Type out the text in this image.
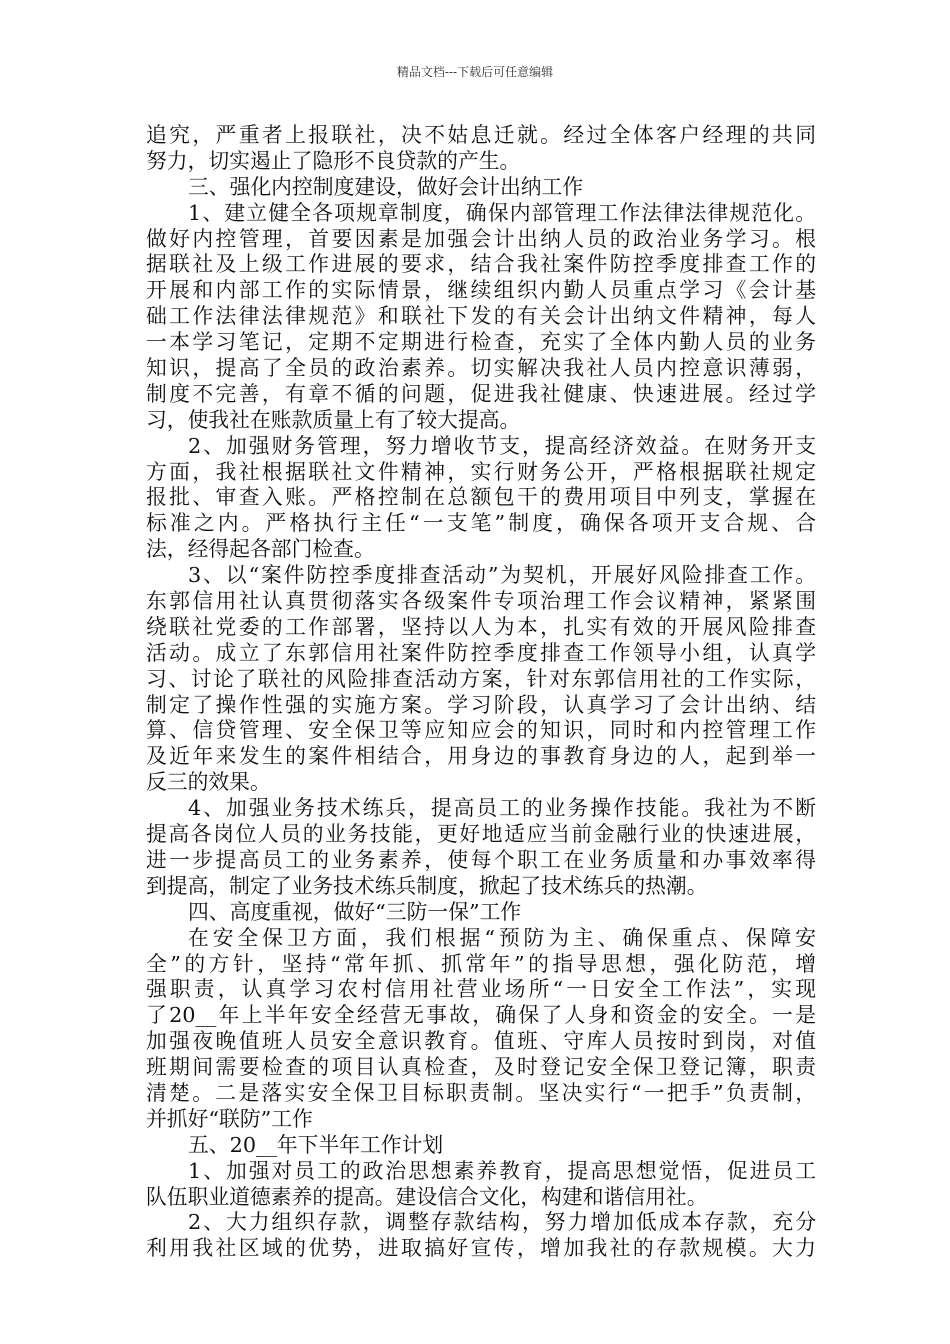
精品文档---下载后可任意编辑
追究，严重者上报联社，决不姑息迁就。经过全体客户经理的共同
努力，切实遏止了隐形不良贷款的产生。
三、强化内控制度建设，做好会计出纳工作
1、建立健全各项规章制度，确保内部管理工作法律法律规范化。
做好内控管理，首要因素是加强会计出纳人员的政治业务学习。根
据联社及上级工作进展的要求，结合我社案件防控季度排查工作的
开展和内部工作的实际情景，继续组织内勤人员重点学习《会计基
础工作法律法律规范》和联社下发的有关会计出纳文件精神，每人
一本学习笔记，定期不定期进行检查，充实了全体内勤人员的业务
知识，提高了全员的政治素养。切实解决我社人员内控意识薄弱，
制度不完善，有章不循的问题，促进我社健康、快速进展。经过学
习，使我社在账款质量上有了较大提高。
2、加强财务管理，努力增收节支，提高经济效益。在财务开支
方面，我社根据联社文件精神，实行财务公开，严格根据联社规定
报批、审查入账。严格控制在总额包干的费用项目中列支，掌握在
标准之内。严格执行主任“一支笔”制度，确保各项开支合规、合
法，经得起各部门检查。
3、以“案件防控季度排查活动”为契机，开展好风险排查工作。
东郭信用社认真贯彻落实各级案件专项治理工作会议精神，紧紧围
绕联社党委的工作部署，坚持以人为本，扎实有效的开展风险排查
活动。成立了东郭信用社案件防控季度排查工作领导小组，认真学
习、讨论了联社的风险排查活动方案，针对东郭信用社的工作实际，
制定了操作性强的实施方案。学习阶段，认真学习了会计出纳、结
算、信贷管理、安全保卫等应知应会的知识，同时和内控管理工作
及近年来发生的案件相结合，用身边的事教育身边的人，起到举一
反三的效果。
4、加强业务技术练兵，提高员工的业务操作技能。我社为不断
提高各岗位人员的业务技能，更好地适应当前金融行业的快速进展，
进一步提高员工的业务素养，使每个职工在业务质量和办事效率得
到提高，制定了业务技术练兵制度，掀起了技术练兵的热潮。
四、高度重视，做好“三防一保”工作
在安全保卫方面，我们根据“预防为主、确保重点、保障安
全”的方针，坚持“常年抓、抓常年”的指导思想，强化防范，增
强职责，认真学习农村信用社营业场所“一日安全工作法”，实现
了20__年上半年安全经营无事故，确保了人身和资金的安全。一是
加强夜晚值班人员安全意识教育。值班、守库人员按时到岗，对值
班期间需要检查的项目认真检查，及时登记安全保卫登记簿，职责
清楚。二是落实安全保卫目标职责制。坚决实行“一把手”负责制，
并抓好“联防”工作
五、20__年下半年工作计划
1、加强对员工的政治思想素养教育，提高思想觉悟，促进员工
队伍职业道德素养的提高。建设信合文化，构建和谐信用社。
2、大力组织存款，调整存款结构，努力增加低成本存款，充分
利用我社区域的优势，进取搞好宣传，增加我社的存款规模。大力
